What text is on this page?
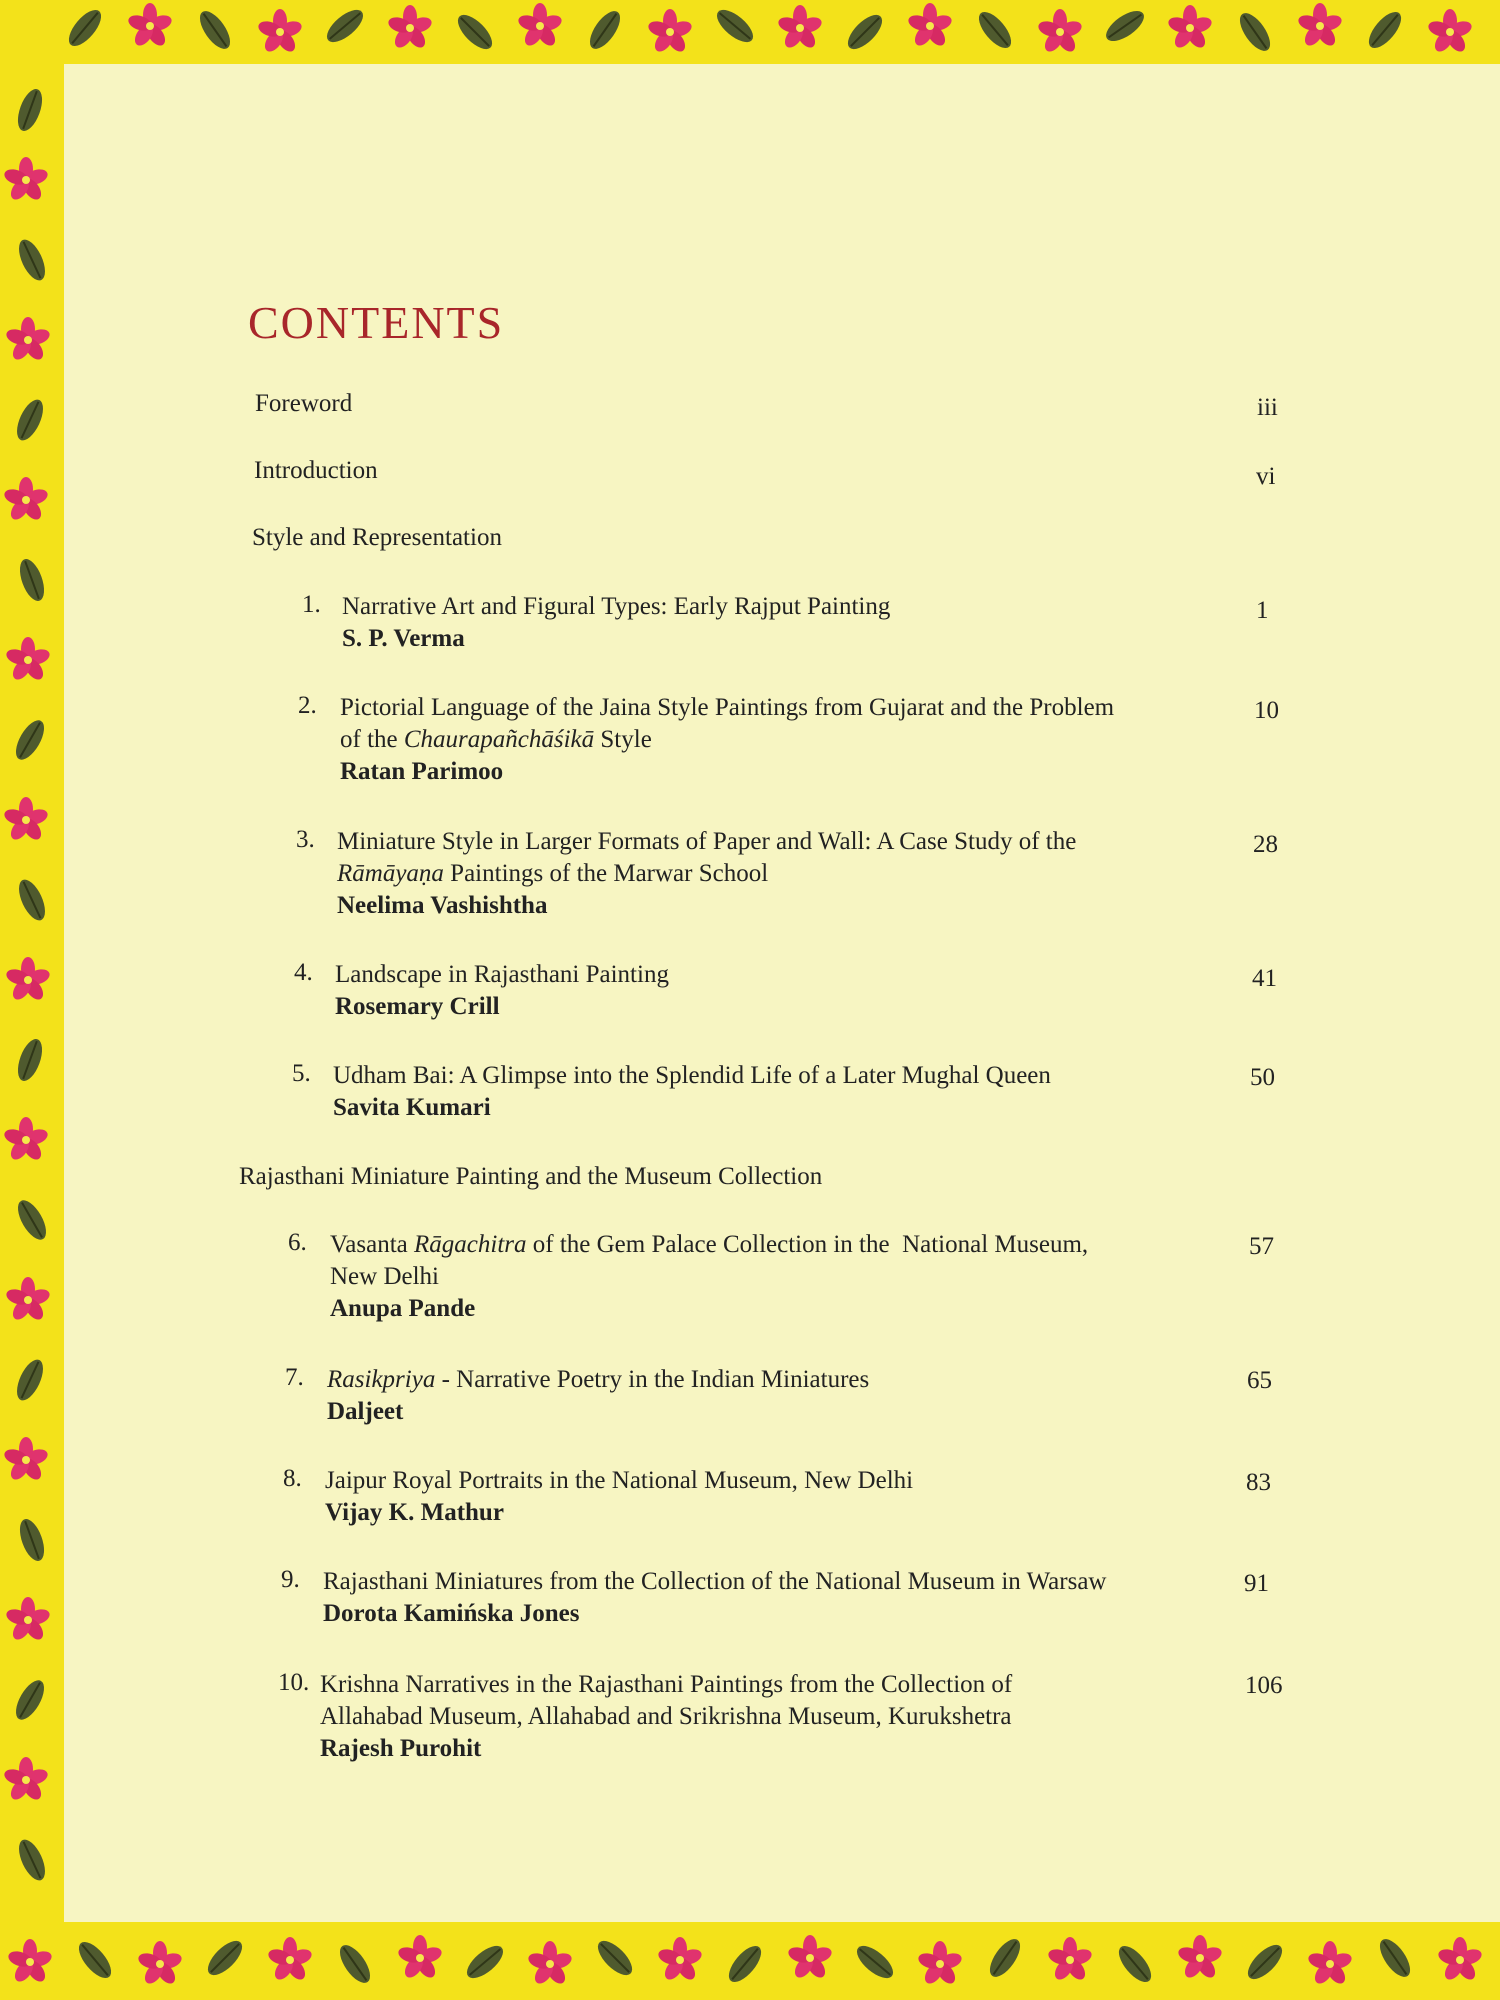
CONTENTS
Foreword	iii
Introduction	vi
Style and Representation
1. Narrative Art and Figural Types: Early Rajput Painting
S. P. Verma
1
2. Pictorial Language of the Jaina Style Paintings from Gujarat and the Problem
of the Chaurapañchāśikā Style
Ratan Parimoo
10
3. Miniature Style in Larger Formats of Paper and Wall: A Case Study of the
Rāmāyaṇa Paintings of the Marwar School
Neelima Vashishtha
28
4. Landscape in Rajasthani Painting
Rosemary Crill
41
5. Udham Bai: A Glimpse into the Splendid Life of a Later Mughal Queen
Savita Kumari
50
Rajasthani Miniature Painting and the Museum Collection
6. Vasanta Rāgachitra of the Gem Palace Collection in the  National Museum,
New Delhi
Anupa Pande
57
7. Rasikpriya - Narrative Poetry in the Indian Miniatures
Daljeet
65
8. Jaipur Royal Portraits in the National Museum, New Delhi
Vijay K. Mathur
83
9. Rajasthani Miniatures from the Collection of the National Museum in Warsaw
Dorota Kamińska Jones
91
10. Krishna Narratives in the Rajasthani Paintings from the Collection of
Allahabad Museum, Allahabad and Srikrishna Museum, Kurukshetra
Rajesh Purohit
106
